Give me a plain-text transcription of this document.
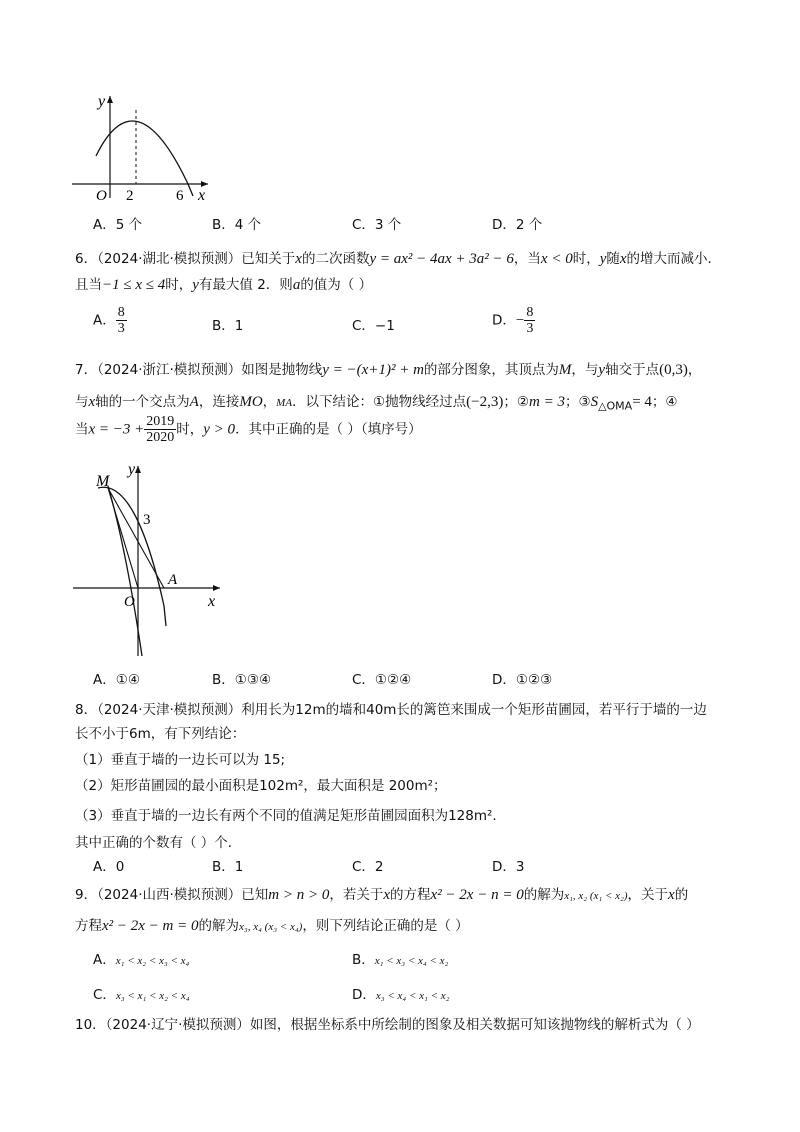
y
x
O 2	6
A．5 个	B．4 个	C．3 个	D．2 个
6．（2024·湖北·模拟预测）已知关于x的二次函数y = ax² − 4ax + 3a² − 6，当x < 0时，y随x的增大而减小．
且当−1 ≤ x ≤ 4时，y有最大值 2．则a的值为（ ）
A． $\frac{8}{3}$	B．1	C．−1	D．− $\frac{8}{3}$
7．（2024·浙江·模拟预测）如图是抛物线y = −(x+1)² + m的部分图象，其顶点为M，与y轴交于点(0,3)，
与x轴的一个交点为A，连接MO，MA．以下结论：①抛物线经过点(−2,3)；②m = 3；$③S_{\triangle OMA}= 4$；④
当$x = -3 + \frac{2019}{2020}$ 时，y > 0．其中正确的是（ ）（填序号）
y
x
O
M
A
3
A．①④	B．①③④	C．①②④	D．①②③
8．（2024·天津·模拟预测）利用长为12m的墙和40m长的篱笆来围成一个矩形苗圃园，若平行于墙的一边
长不小于6m，有下列结论：
（1）垂直于墙的一边长可以为 15;
（2）矩形苗圃园的最小面积是102m²，最大面积是 200m²；
（3）垂直于墙的一边长有两个不同的值满足矩形苗圃园面积为128m²．
其中正确的个数有（ ）个．
A．0	B．1	C．2	D．3
9．（2024·山西·模拟预测）已知m > n > 0，若关于x的方程x² − 2x − n = 0的解为x₁, x₂ (x₁ < x₂)，关于x的
方程x² − 2x − m = 0的解为x₃, x₄ (x₃ < x₄)，则下列结论正确的是（ ）
A．x₁ < x₂ < x₃ < x₄	B．x₁ < x₃ < x₄ < x₂
C．x₃ < x₁ < x₂ < x₄	D．x₃ < x₄ < x₁ < x₂
10．（2024·辽宁·模拟预测）如图，根据坐标系中所绘制的图象及相关数据可知该抛物线的解析式为（ ）
